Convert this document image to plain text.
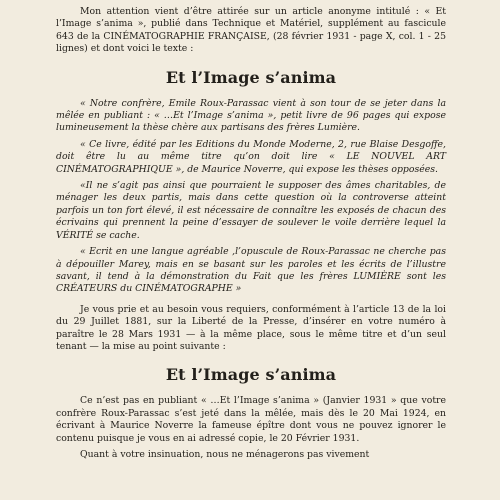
Mon attention vient d’être attirée sur un article anonyme intitulé : « Et l’Image s’anima », publié dans Technique et Matériel, supplément au fascicule 643 de la CINÉMATOGRAPHIE FRANÇAISE, (28 février 1931 - page X, col. 1 - 25 lignes) et dont voici le texte :

Et l’Image s’anima

« Notre confrère, Emile Roux-Parassac vient à son tour de se jeter dans la mêlée en publiant : « …Et l’Image s’anima », petit livre de 96 pages qui expose lumineusement la thèse chère aux partisans des frères Lumière.

« Ce livre, édité par les Editions du Monde Moderne, 2, rue Blaise Desgoffe, doit être lu au même titre qu’on doit lire « LE NOUVEL ART CINÉMATOGRAPHIQUE », de Maurice Noverre, qui expose les thèses opposées.

«Il ne s’agit pas ainsi que pourraient le supposer des âmes charitables, de ménager les deux partis, mais dans cette question où la controverse atteint parfois un ton fort élevé, il est nécessaire de connaître les exposés de chacun des écrivains qui prennent la peine d’essayer de soulever le voile derrière lequel la VÉRITÉ se cache.

« Ecrit en une langue agréable ,l’opuscule de Roux-Parassac ne cherche pas à dépouiller Marey, mais en se basant sur les paroles et les écrits de l’illustre savant, il tend à la démonstration du Fait que les frères LUMIÈRE sont les CRÉATEURS du CINÉMATOGRAPHE »

Je vous prie et au besoin vous requiers, conformément à l’article 13 de la loi du 29 Juillet 1881, sur la Liberté de la Presse, d’insérer en votre numéro à paraître le 28 Mars 1931 — à la même place, sous le même titre et d’un seul tenant — la mise au point suivante :

Et l’Image s’anima

Ce n’est pas en publiant « …Et l’Image s’anima » (Janvier 1931 » que votre confrère Roux-Parassac s’est jeté dans la mêlée, mais dès le 20 Mai 1924, en écrivant à Maurice Noverre la fameuse épître dont vous ne pouvez ignorer le contenu puisque je vous en ai adressé copie, le 20 Février 1931.

Quant à votre insinuation, nous ne ménagerons pas vivement
